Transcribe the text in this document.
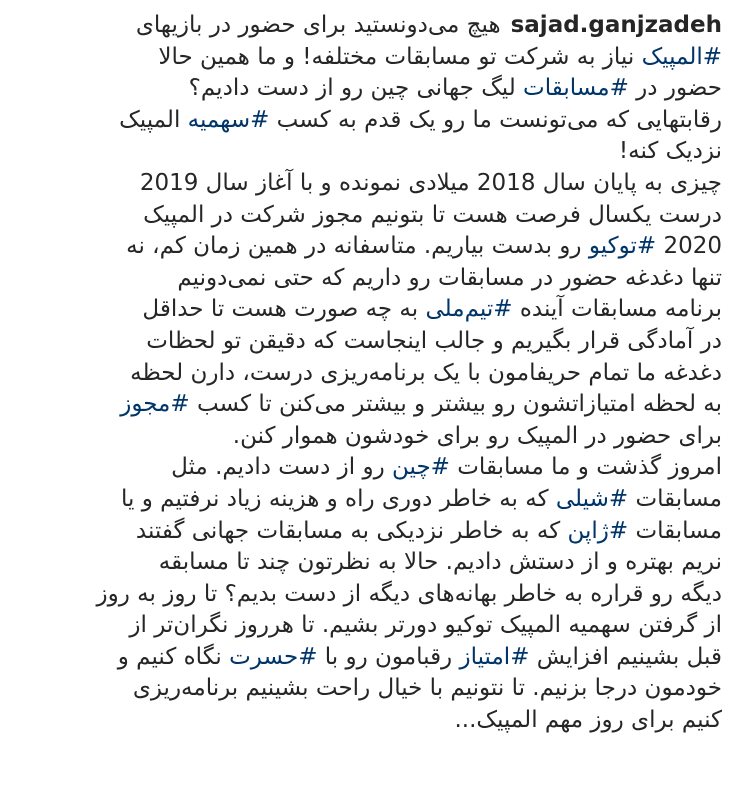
sajad.ganjzadehهیچ می‌دونستید برای حضور در بازیهای
#المپیک نیاز به شرکت تو مسابقات مختلفه! و ما همین حالا
حضور در #مسابقات لیگ جهانی چین رو از دست دادیم؟
رقابتهایی که می‌تونست ما رو یک قدم به کسب #سهمیه المپیک
نزدیک کنه!
چیزی به پایان سال 2018 میلادی نمونده و با آغاز سال 2019
درست یکسال فرصت هست تا بتونیم مجوز شرکت در المپیک
2020 #توکیو رو بدست بیاریم. متاسفانه در همین زمان کم، نه
تنها دغدغه حضور در مسابقات رو داریم که حتی نمی‌دونیم
برنامه مسابقات آینده #تیم‌ملی به چه صورت هست تا حداقل
در آمادگی قرار بگیریم و جالب اینجاست که دقیقن تو لحظات
دغدغه ما تمام حریفامون با یک برنامه‌ریزی درست، دارن لحظه
به لحظه امتیازاتشون رو بیشتر و بیشتر می‌کنن تا کسب #مجوز
برای حضور در المپیک رو برای خودشون هموار کنن.
امروز گذشت و ما مسابقات #چین رو از دست دادیم. مثل
مسابقات #شیلی که به خاطر دوری راه و هزینه زیاد نرفتیم و یا
مسابقات #ژاپن که به خاطر نزدیکی به مسابقات جهانی گفتند
نریم بهتره و از دستش دادیم. حالا به نظرتون چند تا مسابقه
دیگه رو قراره به خاطر بهانه‌های دیگه از دست بدیم؟ تا روز به روز
از گرفتن سهمیه المپیک توکیو دورتر بشیم. تا هرروز نگران‌تر از
قبل بشینیم افزایش #امتیاز رقبامون رو با #حسرت نگاه کنیم و
خودمون درجا بزنیم. تا نتونیم با خیال راحت بشینیم برنامه‌ریزی
کنیم برای روز مهم المپیک...
